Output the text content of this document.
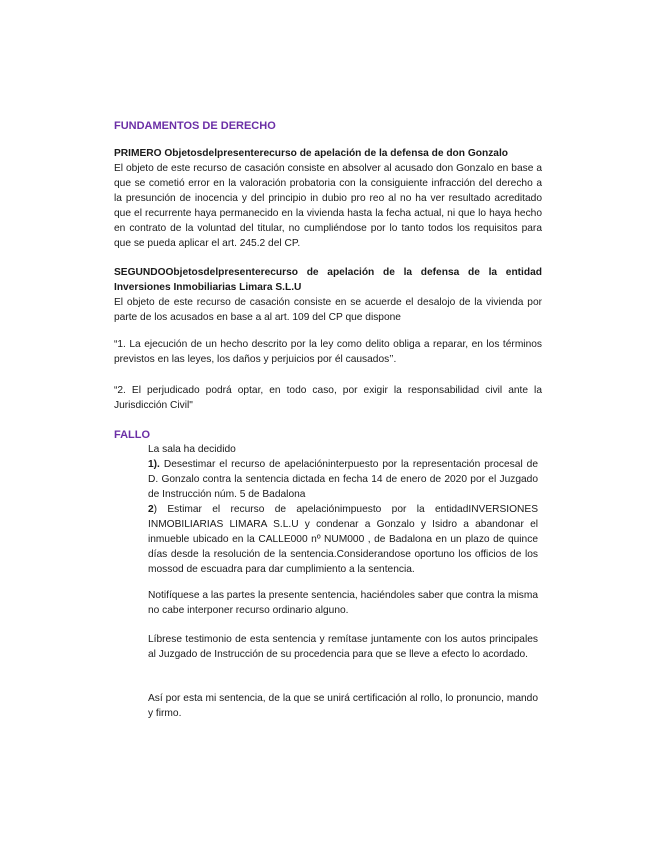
FUNDAMENTOS DE DERECHO

PRIMERO Objetosdelpresenterecurso de apelación de la defensa de don Gonzalo

El objeto de este recurso de casación consiste en absolver al acusado don Gonzalo en base a que se cometió error en la valoración probatoria con la consiguiente infracción del derecho a la presunción de inocencia y del principio in dubio pro reo al no ha ver resultado acreditado que el recurrente haya permanecido en la vivienda hasta la fecha actual, ni que lo haya hecho en contrato de la voluntad del titular, no cumpliéndose por lo tanto todos los requisitos para que se pueda aplicar el art. 245.2 del CP.

SEGUNDOObjetosdelpresenterecurso de apelación de la defensa de la entidad Inversiones Inmobiliarias Limara S.L.U

El objeto de este recurso de casación consiste en se acuerde el desalojo de la vivienda por parte de los acusados en base a al art. 109 del CP que dispone

“1. La ejecución de un hecho descrito por la ley como delito obliga a reparar, en los términos previstos en las leyes, los daños y perjuicios por él causados’’.

“2. El perjudicado podrá optar, en todo caso, por exigir la responsabilidad civil ante la Jurisdicción Civil"

FALLO

La sala ha decidido

1). Desestimar el recurso de apelacióninterpuesto por la representación procesal de D. Gonzalo contra la sentencia dictada en fecha 14 de enero de 2020 por el Juzgado de Instrucción núm. 5 de Badalona

2) Estimar el recurso de apelaciónimpuesto por la entidadINVERSIONES INMOBILIARIAS LIMARA S.L.U y condenar a Gonzalo y Isidro a abandonar el inmueble ubicado en la CALLE000 nº NUM000 , de Badalona en un plazo de quince días desde la resolución de la sentencia.Considerandose oportuno los officios de los mossod de escuadra para dar cumplimiento a la sentencia.

Notifíquese a las partes la presente sentencia, haciéndoles saber que contra la misma no cabe interponer recurso ordinario alguno.

Líbrese testimonio de esta sentencia y remítase juntamente con los autos principales al Juzgado de Instrucción de su procedencia para que se lleve a efecto lo acordado.

Así por esta mi sentencia, de la que se unirá certificación al rollo, lo pronuncio, mando y firmo.
